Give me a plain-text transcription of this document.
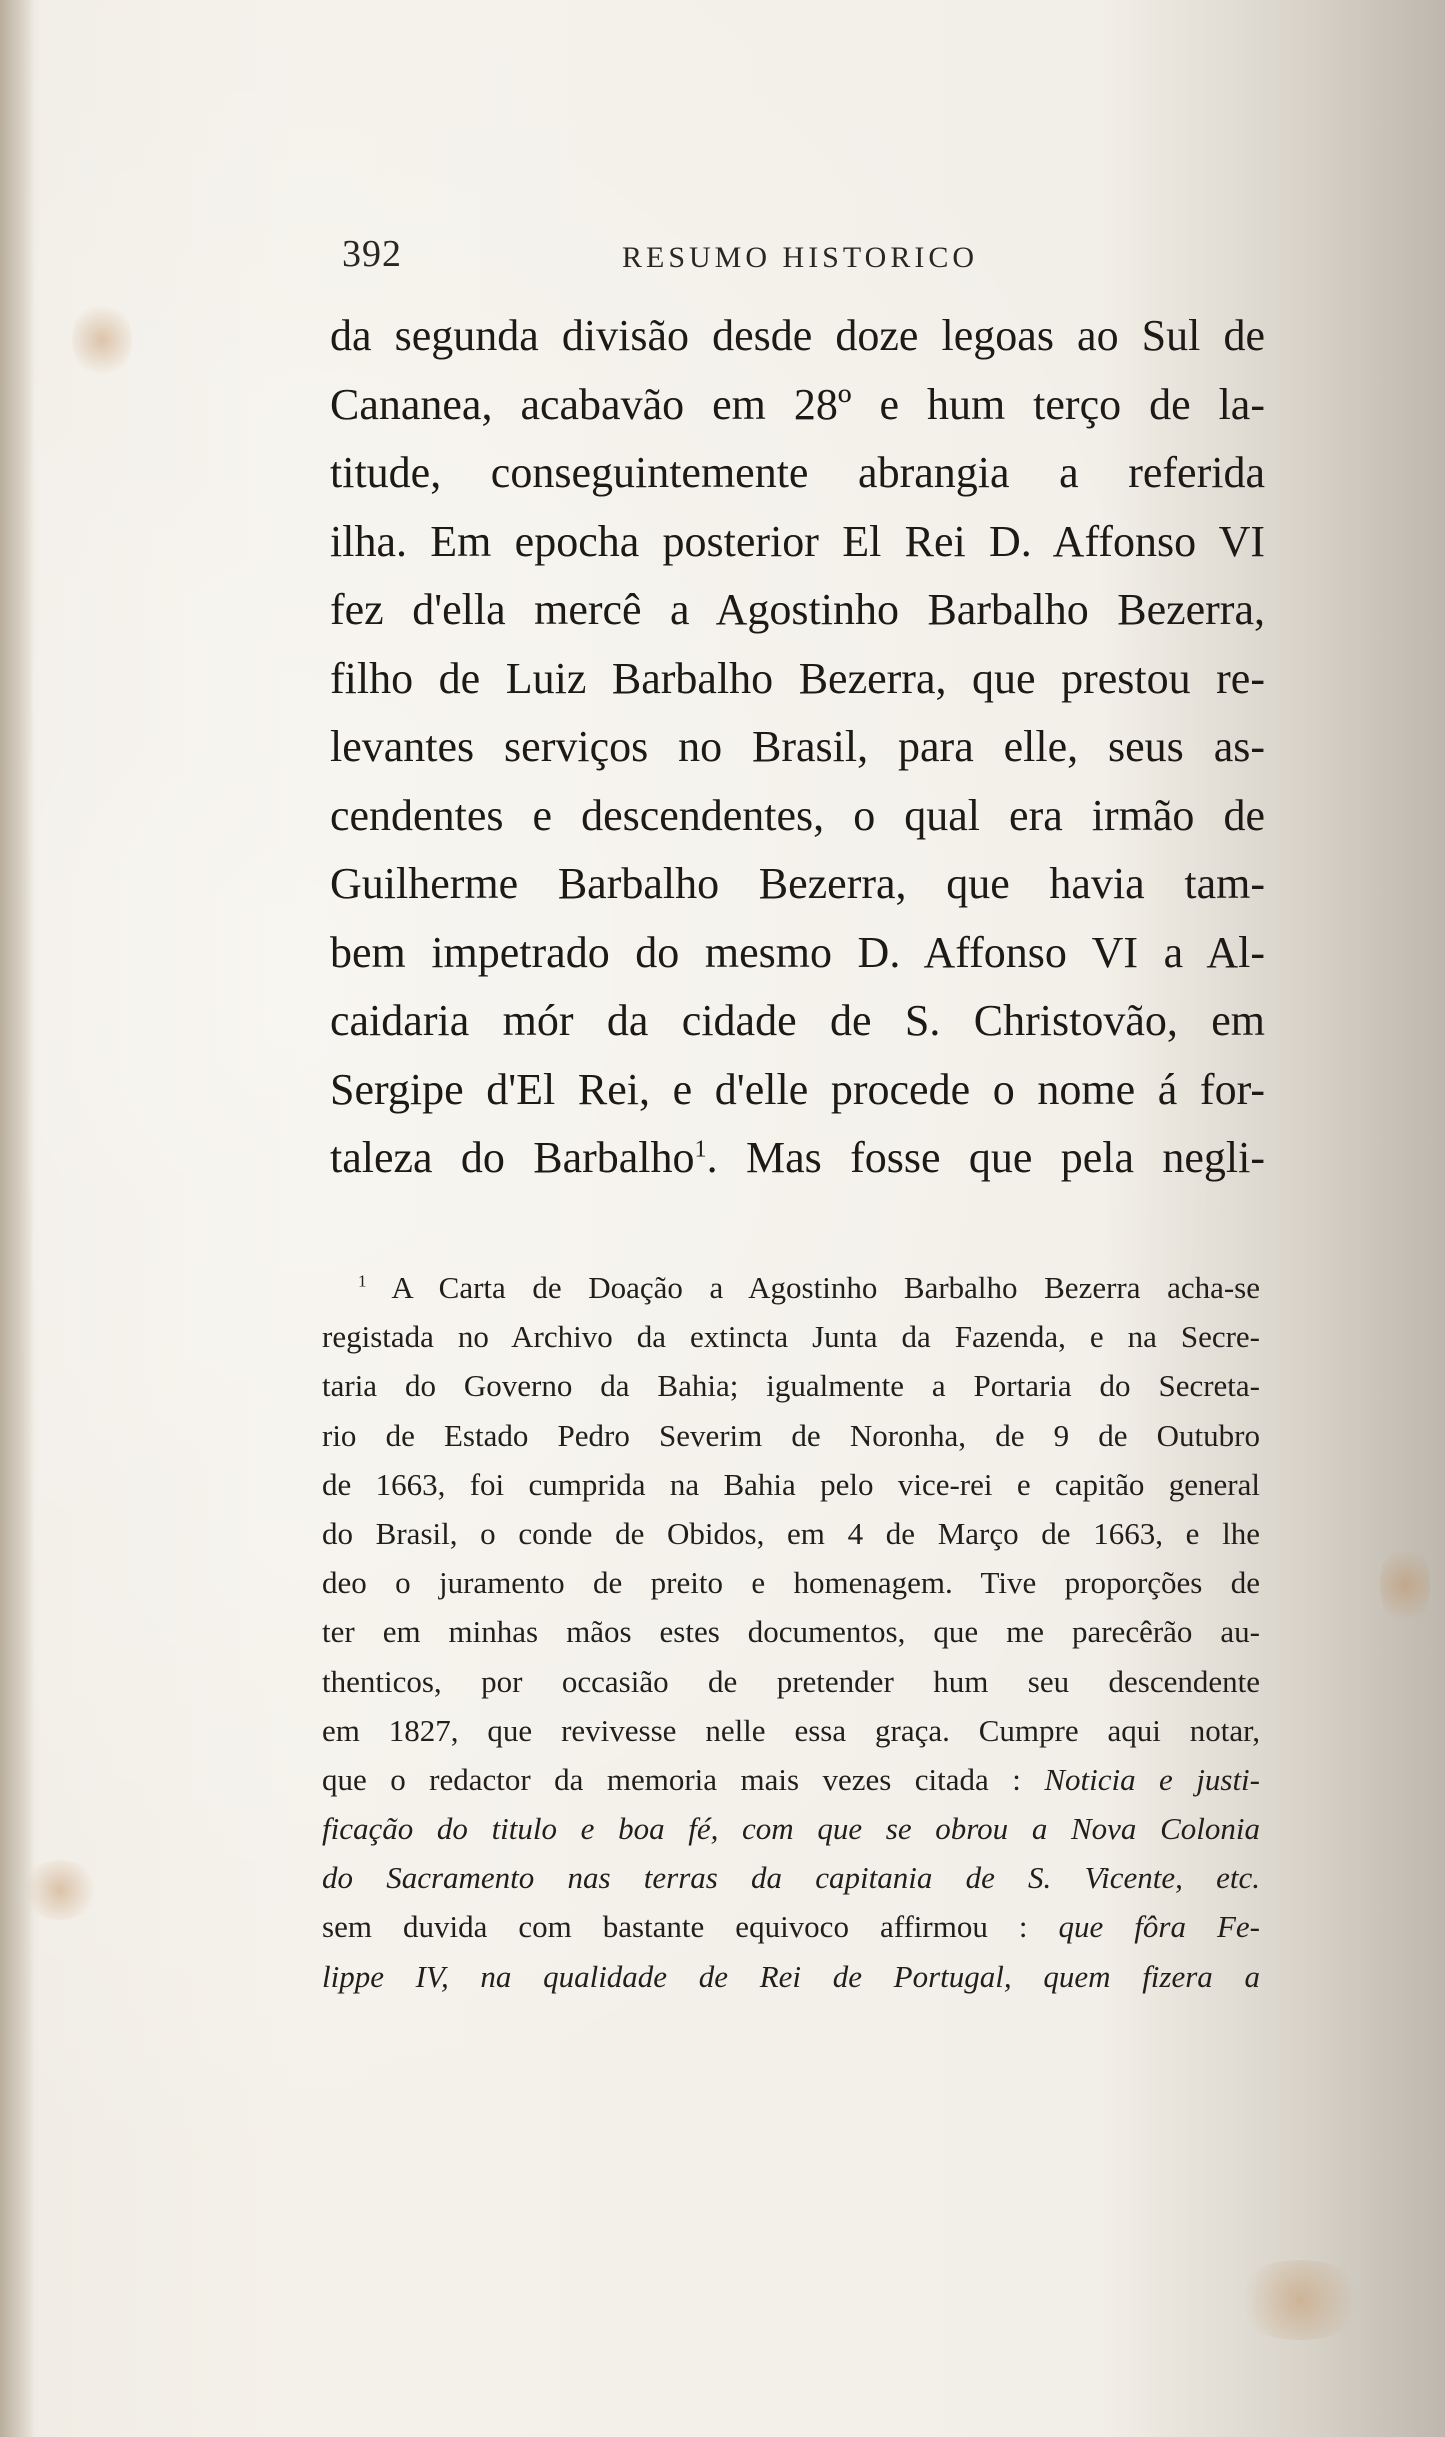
392	RESUMO HISTORICO
da segunda divisão desde doze legoas ao Sul de
Cananea, acabavão em 28º e hum terço de la-
titude, conseguintemente abrangia a referida
ilha. Em epocha posterior El Rei D. Affonso VI
fez d'ella mercê a Agostinho Barbalho Bezerra,
filho de Luiz Barbalho Bezerra, que prestou re-
levantes serviços no Brasil, para elle, seus as-
cendentes e descendentes, o qual era irmão de
Guilherme Barbalho Bezerra, que havia tam-
bem impetrado do mesmo D. Affonso VI a Al-
caidaria mór da cidade de S. Christovão, em
Sergipe d'El Rei, e d'elle procede o nome á for-
taleza do Barbalho$^1$. Mas fosse que pela negli-
$^1$ A Carta de Doação a Agostinho Barbalho Bezerra acha-se
registada no Archivo da extincta Junta da Fazenda, e na Secre-
taria do Governo da Bahia; igualmente a Portaria do Secreta-
rio de Estado Pedro Severim de Noronha, de 9 de Outubro
de 1663, foi cumprida na Bahia pelo vice-rei e capitão general
do Brasil, o conde de Obidos, em 4 de Março de 1663, e lhe
deo o juramento de preito e homenagem. Tive proporções de
ter em minhas mãos estes documentos, que me parecêrão au-
thenticos, por occasião de pretender hum seu descendente
em 1827, que revivesse nelle essa graça. Cumpre aqui notar,
que o redactor da memoria mais vezes citada : Noticia e justi-
ficação do titulo e boa fé, com que se obrou a Nova Colonia
do Sacramento nas terras da capitania de S. Vicente, etc.
sem duvida com bastante equivoco affirmou : que fôra Fe-
lippe IV, na qualidade de Rei de Portugal, quem fizera a
